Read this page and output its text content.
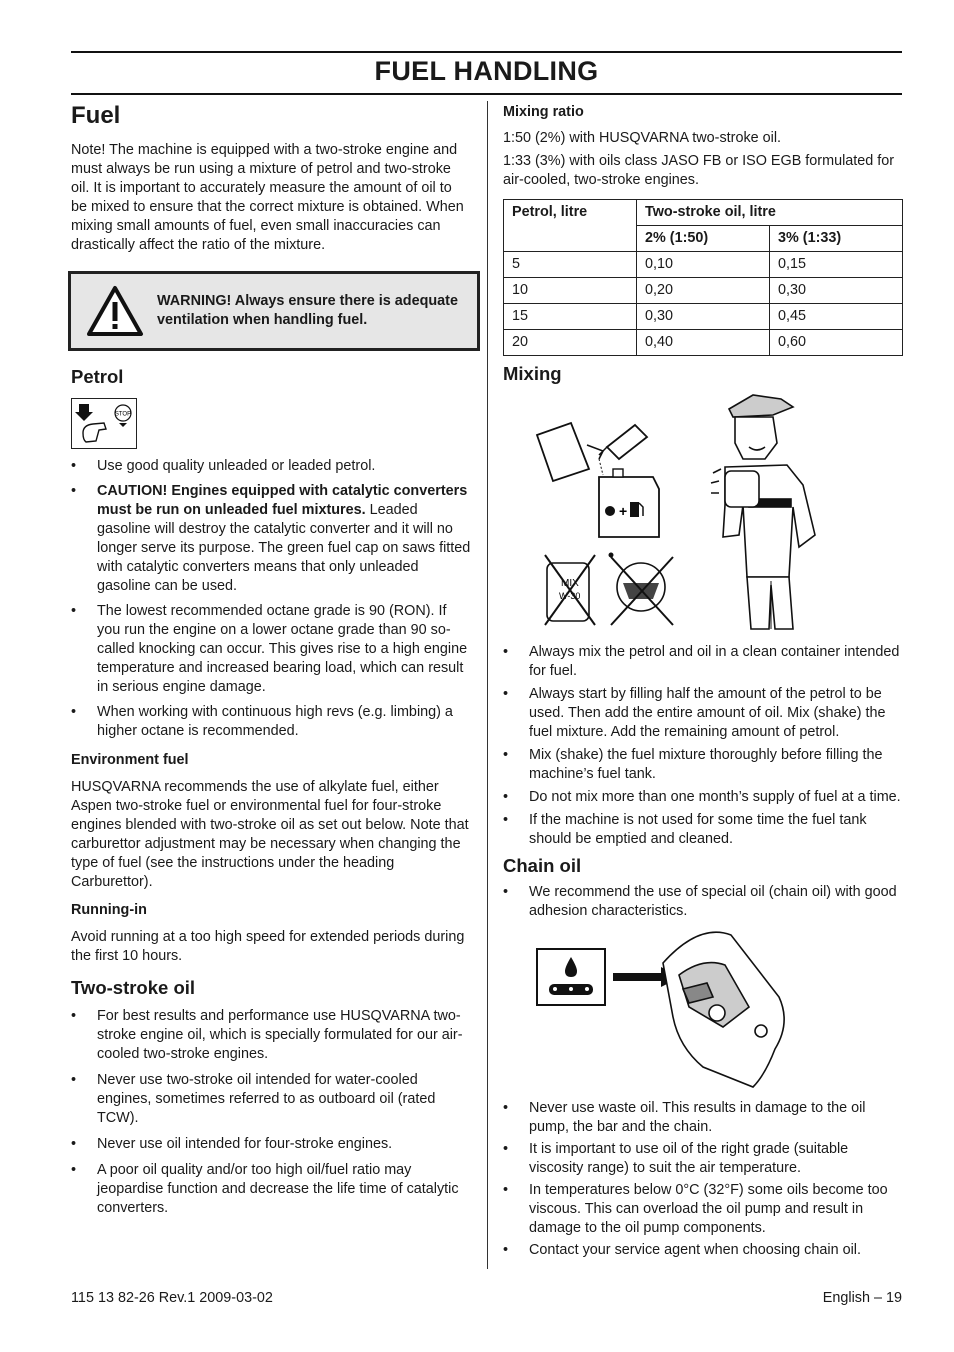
FUEL HANDLING
Fuel

Note! The machine is equipped with a two-stroke engine and must always be run using a mixture of petrol and two-stroke oil. It is important to accurately measure the amount of oil to be mixed to ensure that the correct mixture is obtained. When mixing small amounts of fuel, even small inaccuracies can drastically affect the ratio of the mixture.

WARNING! Always ensure there is adequate ventilation when handling fuel.
Petrol
STOP
• Use good quality unleaded or leaded petrol.
• CAUTION! Engines equipped with catalytic converters must be run on unleaded fuel mixtures. Leaded gasoline will destroy the catalytic converter and it will no longer serve its purpose. The green fuel cap on saws fitted with catalytic converters means that only unleaded gasoline can be used.
• The lowest recommended octane grade is 90 (RON). If you run the engine on a lower octane grade than 90 so-called knocking can occur. This gives rise to a high engine temperature and increased bearing load, which can result in serious engine damage.
• When working with continuous high revs (e.g. limbing) a higher octane is recommended.
Environment fuel

HUSQVARNA recommends the use of alkylate fuel, either Aspen two-stroke fuel or environmental fuel for four-stroke engines blended with two-stroke oil as set out below. Note that carburettor adjustment may be necessary when changing the type of fuel (see the instructions under the heading Carburettor).

Running-in

Avoid running at a too high speed for extended periods during the first 10 hours.

Two-stroke oil
• For best results and performance use HUSQVARNA two-stroke engine oil, which is specially formulated for our air-cooled two-stroke engines.
• Never use two-stroke oil intended for water-cooled engines, sometimes referred to as outboard oil (rated TCW).
• Never use oil intended for four-stroke engines.
• A poor oil quality and/or too high oil/fuel ratio may jeopardise function and decrease the life time of catalytic converters.
Mixing ratio

1:50 (2%) with HUSQVARNA two-stroke oil.

1:33 (3%) with oils class JASO FB or ISO EGB formulated for air-cooled, two-stroke engines.

Petrol, litre	Two-stroke oil, litre	
	2% (1:50)	3% (1:33)
5	0,10	0,15
10	0,20	0,30
15	0,30	0,45
20	0,40	0,60
Mixing
+
MIX
W-30
• Always mix the petrol and oil in a clean container intended for fuel.
• Always start by filling half the amount of the petrol to be used. Then add the entire amount of oil. Mix (shake) the fuel mixture. Add the remaining amount of petrol.
• Mix (shake) the fuel mixture thoroughly before filling the machine’s fuel tank.
• Do not mix more than one month’s supply of fuel at a time.
• If the machine is not used for some time the fuel tank should be emptied and cleaned.
Chain oil
• We recommend the use of special oil (chain oil) with good adhesion characteristics.
• Never use waste oil. This results in damage to the oil pump, the bar and the chain.
• It is important to use oil of the right grade (suitable viscosity range) to suit the air temperature.
• In temperatures below 0°C (32°F) some oils become too viscous. This can overload the oil pump and result in damage to the oil pump components.
• Contact your service agent when choosing chain oil.
115 13 82-26 Rev.1 2009-03-02	English – 19
